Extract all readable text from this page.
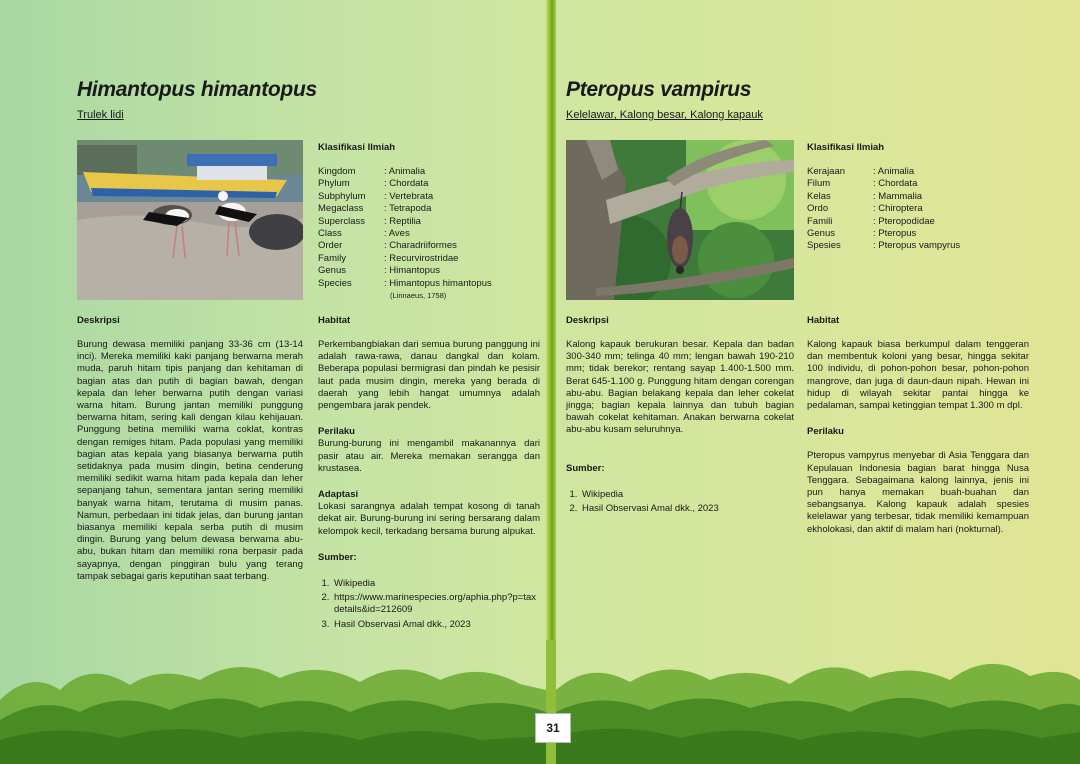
Himantopus himantopus

Trulek lidi

Klasifikasi Ilmiah
Kingdom	: Animalia
Phylum	: Chordata
Subphylum	: Vertebrata
Megaclass	: Tetrapoda
Superclass	: Reptilia
Class	: Aves
Order	: Charadriiformes
Family	: Recurvirostridae
Genus	: Himantopus
Species	: Himantopus himantopus
(Linnaeus, 1758)
Deskripsi

Burung dewasa memiliki panjang 33-36 cm (13-14 inci). Mereka memiliki kaki panjang berwarna merah muda, paruh hitam tipis panjang dan kehitaman di bagian atas dan putih di bagian bawah, dengan kepala dan leher berwarna putih dengan variasi warna hitam. Burung jantan memiliki punggung berwarna hitam, sering kali dengan kilau kehijauan. Punggung betina memiliki warna coklat, kontras dengan remiges hitam. Pada populasi yang memiliki bagian atas kepala yang biasanya berwarna putih setidaknya pada musim dingin, betina cenderung memiliki sedikit warna hitam pada kepala dan leher sepanjang tahun, sementara jantan sering memiliki banyak warna hitam, terutama di musim panas. Namun, perbedaan ini tidak jelas, dan burung jantan biasanya memiliki kepala serba putih di musim dingin. Burung yang belum dewasa berwarna abu-abu, bukan hitam dan memiliki rona berpasir pada sayapnya, dengan pinggiran bulu yang terang tampak sebagai garis keputihan saat terbang.

Habitat

Perkembangbiakan dari semua burung panggung ini adalah rawa-rawa, danau dangkal dan kolam. Beberapa populasi bermigrasi dan pindah ke pesisir laut pada musim dingin, mereka yang berada di daerah yang lebih hangat umumnya adalah pengembara jarak pendek.

Perilaku

Burung-burung ini mengambil makanannya dari pasir atau air. Mereka memakan serangga dan krustasea.

Adaptasi

Lokasi sarangnya adalah tempat kosong di tanah dekat air. Burung-burung ini sering bersarang dalam kelompok kecil, terkadang bersama burung alpukat.

Sumber:
1. Wikipedia
2. https://www.marinespecies.org/aphia.php?p=taxdetails&id=212609
3. Hasil Observasi Amal dkk., 2023
Pteropus vampirus

Kelelawar, Kalong besar, Kalong kapauk

Klasifikasi Ilmiah
Kerajaan	: Animalia
Filum	: Chordata
Kelas	: Mammalia
Ordo	: Chiroptera
Famili	: Pteropodidae
Genus	: Pteropus
Spesies	: Pteropus vampyrus
Deskripsi

Kalong kapauk berukuran besar. Kepala dan badan 300-340 mm; telinga 40 mm; lengan bawah 190-210 mm; tidak berekor; rentang sayap 1.400-1.500 mm. Berat 645-1.100 g. Punggung hitam dengan corengan abu-abu. Bagian belakang kepala dan leher cokelat jingga; bagian kepala lainnya dan tubuh bagian bawah cokelat kehitaman. Anakan berwarna cokelat abu-abu kusam seluruhnya.

Sumber:
1. Wikipedia
2. Hasil Observasi Amal dkk., 2023
Habitat

Kalong kapauk biasa berkumpul dalam tenggeran dan membentuk koloni yang besar, hingga sekitar 100 individu, di pohon-pohon besar, pohon-pohon mangrove, dan juga di daun-daun nipah. Hewan ini hidup di wilayah sekitar pantai hingga ke pedalaman, sampai ketinggian tempat 1.300 m dpl.

Perilaku

Pteropus vampyrus menyebar di Asia Tenggara dan Kepulauan Indonesia bagian barat hingga Nusa Tenggara. Sebagaimana kalong lainnya, jenis ini pun hanya memakan buah-buahan dan sebangsanya. Kalong kapauk adalah spesies kelelawar yang terbesar, tidak memiliki kemampuan ekholokasi, dan aktif di malam hari (nokturnal).

31
